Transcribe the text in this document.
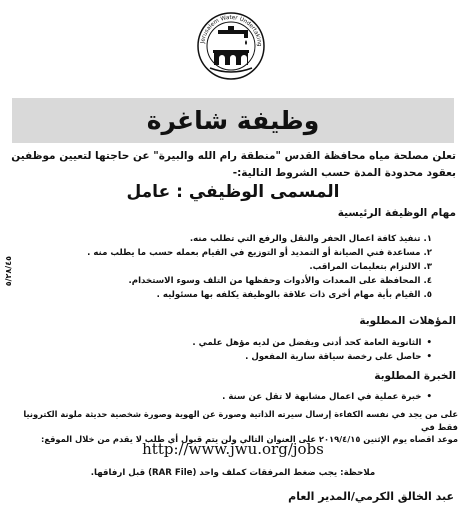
Jerusalem Water Undertaking
وظيفة شاغرة
تعلن مصلحة مياه محافظة القدس "منطقة رام الله والبيرة" عن حاجتها لتعيين موظفين
بعقود محدودة المدة حسب الشروط التالية:-
المسمى الوظيفي : عامل
مهام الوظيفة الرئيسية
١.تنفيذ كافة اعمال الحفر والنقل والرفع التي تطلب منه.
٢.مساعدة فني الصيانة أو التمديد أو التوزيع في القيام بعمله حسب ما يطلب منه .
٣.الالتزام بتعليمات المراقب.
٤.المحافظة على المعدات والأدوات وحفظها من التلف وسوء الاستخدام.
٥.القيام بأية مهام أخرى ذات علاقة بالوظيفة يكلفه بها مسئوليه .
٥/٢٨/٤٥
المؤهلات المطلوبة
• الثانوية العامة كحد أدنى ويفضل من لديه مؤهل علمي .
• حاصل على رخصة سياقة سارية المفعول .
الخبرة المطلوبة
• خبرة عملية في اعمال مشابهة لا تقل عن سنة .
على من يجد في نفسه الكفاءة إرسال سيرته الذاتية وصورة عن الهوية وصورة شخصية حديثة ملونة الكترونيا فقط في
موعد اقصاه يوم الإثنين ٢٠١٩/٤/١٥ على العنوان التالي ولن يتم قبول أي طلب لا يقدم من خلال الموقع:
http://www.jwu.org/jobs
ملاحظة: يجب ضغط المرفقات كملف واحد (RAR File) قبل ارفاقها.
عبد الخالق الكرمي/المدير العام
